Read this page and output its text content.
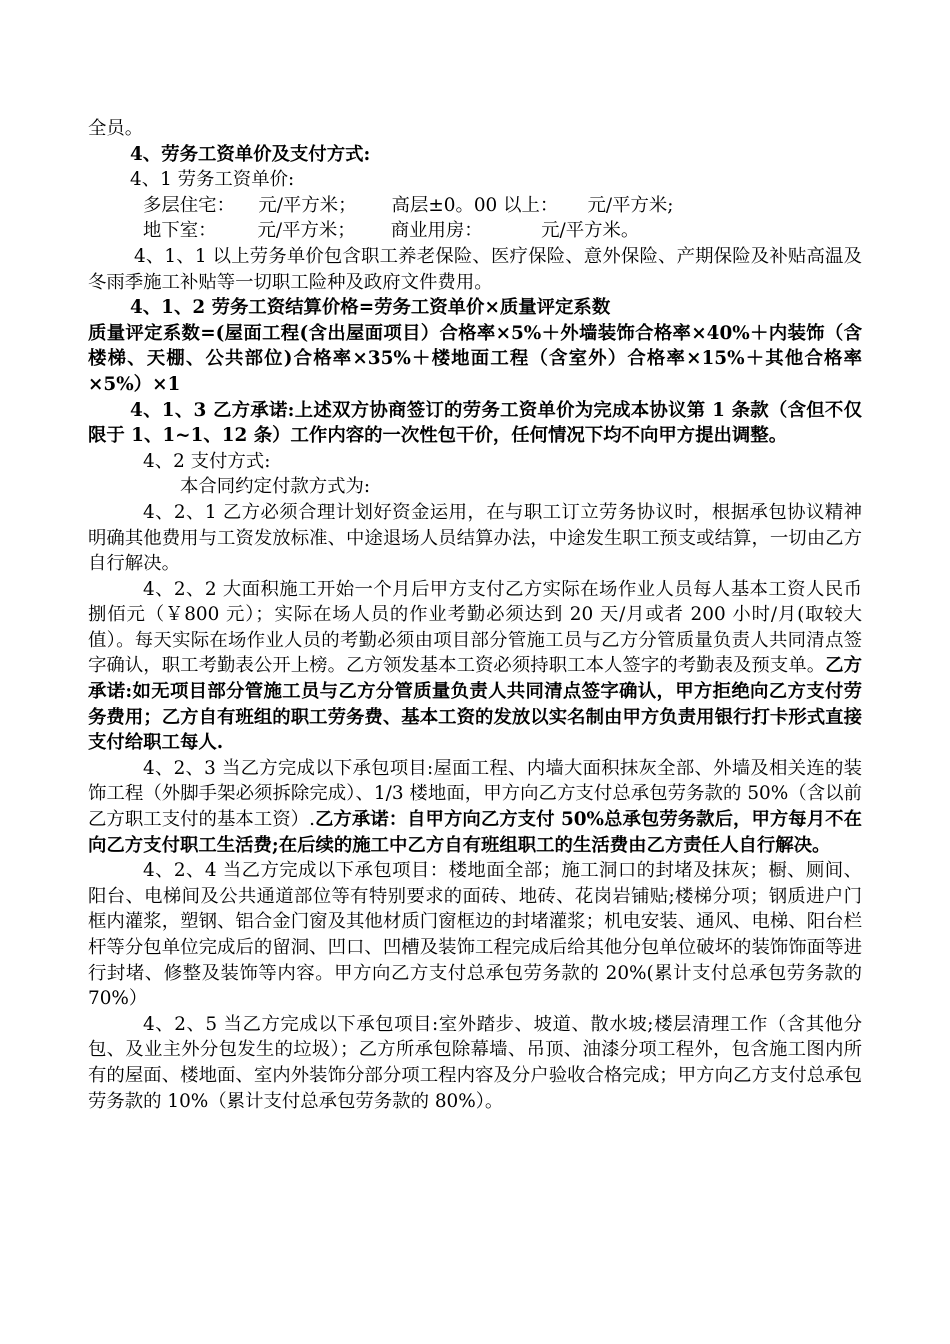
全员。

4、劳务工资单价及支付方式:

4、1 劳务工资单价:

多层住宅：    元/平方米；      高层±0。00 以上：     元/平方米;

地下室：       元/平方米；      商业用房：          元/平方米。

4、1、1 以上劳务单价包含职工养老保险、医疗保险、意外保险、产期保险及补贴高温及冬雨季施工补贴等一切职工险种及政府文件费用。

4、1、2 劳务工资结算价格=劳务工资单价×质量评定系数

质量评定系数=(屋面工程(含出屋面项目）合格率×5%＋外墙装饰合格率×40%＋内装饰（含楼梯、天棚、公共部位)合格率×35%＋楼地面工程（含室外）合格率×15%＋其他合格率×5%）×1

4、1、3 乙方承诺:上述双方协商签订的劳务工资单价为完成本协议第 1 条款（含但不仅限于 1、1~1、12 条）工作内容的一次性包干价，任何情况下均不向甲方提出调整。

4、2 支付方式:

本合同约定付款方式为:

4、2、1 乙方必须合理计划好资金运用，在与职工订立劳务协议时，根据承包协议精神明确其他费用与工资发放标准、中途退场人员结算办法，中途发生职工预支或结算，一切由乙方自行解决。

4、2、2 大面积施工开始一个月后甲方支付乙方实际在场作业人员每人基本工资人民币捌佰元（￥800 元）；实际在场人员的作业考勤必须达到 20 天/月或者 200 小时/月(取较大值）。每天实际在场作业人员的考勤必须由项目部分管施工员与乙方分管质量负责人共同清点签字确认，职工考勤表公开上榜。乙方领发基本工资必须持职工本人签字的考勤表及预支单。乙方承诺:如无项目部分管施工员与乙方分管质量负责人共同清点签字确认，甲方拒绝向乙方支付劳务费用；乙方自有班组的职工劳务费、基本工资的发放以实名制由甲方负责用银行打卡形式直接支付给职工每人.

4、2、3 当乙方完成以下承包项目:屋面工程、内墙大面积抹灰全部、外墙及相关连的装饰工程（外脚手架必须拆除完成）、1/3 楼地面，甲方向乙方支付总承包劳务款的 50%（含以前乙方职工支付的基本工资）.乙方承诺：自甲方向乙方支付 50%总承包劳务款后，甲方每月不在向乙方支付职工生活费;在后续的施工中乙方自有班组职工的生活费由乙方责任人自行解决。

4、2、4 当乙方完成以下承包项目：楼地面全部；施工洞口的封堵及抹灰；橱、厕间、阳台、电梯间及公共通道部位等有特别要求的面砖、地砖、花岗岩铺贴;楼梯分项；钢质进户门框内灌浆，塑钢、铝合金门窗及其他材质门窗框边的封堵灌浆；机电安装、通风、电梯、阳台栏杆等分包单位完成后的留洞、凹口、凹槽及装饰工程完成后给其他分包单位破坏的装饰饰面等进行封堵、修整及装饰等内容。甲方向乙方支付总承包劳务款的 20%(累计支付总承包劳务款的 70%）

4、2、5 当乙方完成以下承包项目:室外踏步、坡道、散水坡;楼层清理工作（含其他分包、及业主外分包发生的垃圾）；乙方所承包除幕墙、吊顶、油漆分项工程外，包含施工图内所有的屋面、楼地面、室内外装饰分部分项工程内容及分户验收合格完成；甲方向乙方支付总承包劳务款的 10%（累计支付总承包劳务款的 80%）。
